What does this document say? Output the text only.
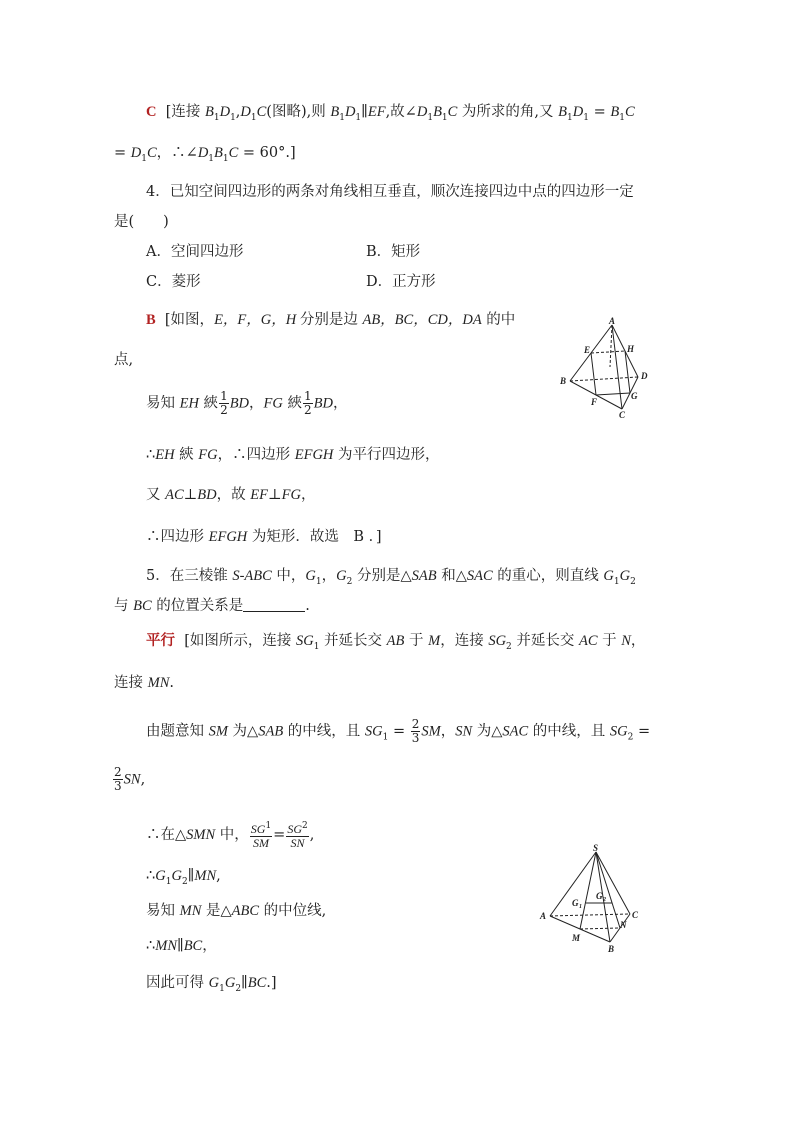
C [连接 $B_1D_1,D_1C$(图略),则 $B_1D_1\parallel EF$,故$\angle D_1B_1C$ 为所求的角,又 $B_1D_1 = B_1C$
= $D_1C$，$\therefore\angle D_1B_1C = 60^\circ$.]
4．已知空间四边形的两条对角线相互垂直，顺次连接四边中点的四边形一定
是(　　)
A．空间四边形	B．矩形
C．菱形	D．正方形
B [如图，E，F，G，H 分别是边 AB，BC，CD，DA 的中
点,
易知 EH 綊 $\frac{1}{2}$ BD，FG 綊 $\frac{1}{2}$ BD，
∴EH 綊 FG，∴四边形 EFGH 为平行四边形，
又 AC⊥BD，故 EF⊥FG，
∴四边形 EFGH 为矩形．故选　B ．]
A
B
C
D
E
F
G
H
5．在三棱锥 S-ABC 中，$G_1$，$G_2$ 分别是△SAB 和△SAC 的重心，则直线 $G_1G_2$
与 BC 的位置关系是	.
平行 [如图所示，连接 $SG_1$ 并延长交 AB 于 M，连接 $SG_2$ 并延长交 AC 于 N，
连接 MN.
由题意知 SM 为△SAB 的中线，且 $SG_1 = \frac{2}{3}$ SM，SN 为△SAC 的中线，且 $SG_2$ =
$\frac{2}{3}$ SN,
∴在△SMN 中， $\frac{SG^1}{SM} = \frac{SG^2}{SN}$ ,
$\therefore G_1G_2\parallel MN$,
易知 MN 是△ABC 的中位线,
∴MN∥BC，
因此可得 $G_1G_2\parallel BC$.]
S
A
B
C
M
N
G 1
G 2
